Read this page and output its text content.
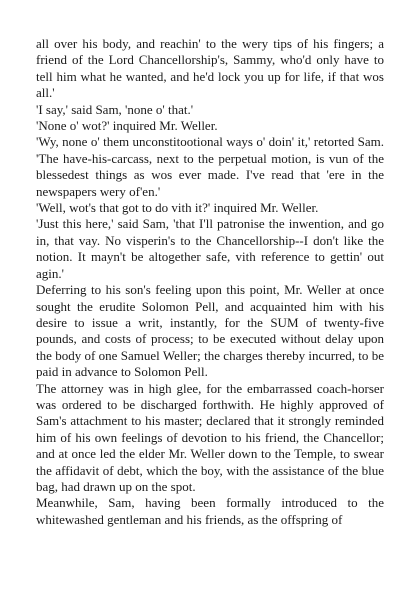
all over his body, and reachin' to the wery tips of his fingers; a friend of the Lord Chancellorship's, Sammy, who'd only have to tell him what he wanted, and he'd lock you up for life, if that wos all.'

'I say,' said Sam, 'none o' that.'

'None o' wot?' inquired Mr. Weller.

'Wy, none o' them unconstitootional ways o' doin' it,' retorted Sam. 'The have-his-carcass, next to the perpetual motion, is vun of the blessedest things as wos ever made. I've read that 'ere in the newspapers wery of'en.'

'Well, wot's that got to do vith it?' inquired Mr. Weller.

'Just this here,' said Sam, 'that I'll patronise the inwention, and go in, that vay. No visperin's to the Chancellorship--I don't like the notion. It mayn't be altogether safe, vith reference to gettin' out agin.'

Deferring to his son's feeling upon this point, Mr. Weller at once sought the erudite Solomon Pell, and acquainted him with his desire to issue a writ, instantly, for the SUM of twenty-five pounds, and costs of process; to be executed without delay upon the body of one Samuel Weller; the charges thereby incurred, to be paid in advance to Solomon Pell.

The attorney was in high glee, for the embarrassed coach-horser was ordered to be discharged forthwith. He highly approved of Sam's attachment to his master; declared that it strongly reminded him of his own feelings of devotion to his friend, the Chancellor; and at once led the elder Mr. Weller down to the Temple, to swear the affidavit of debt, which the boy, with the assistance of the blue bag, had drawn up on the spot.

Meanwhile, Sam, having been formally introduced to the whitewashed gentleman and his friends, as the offspring of
